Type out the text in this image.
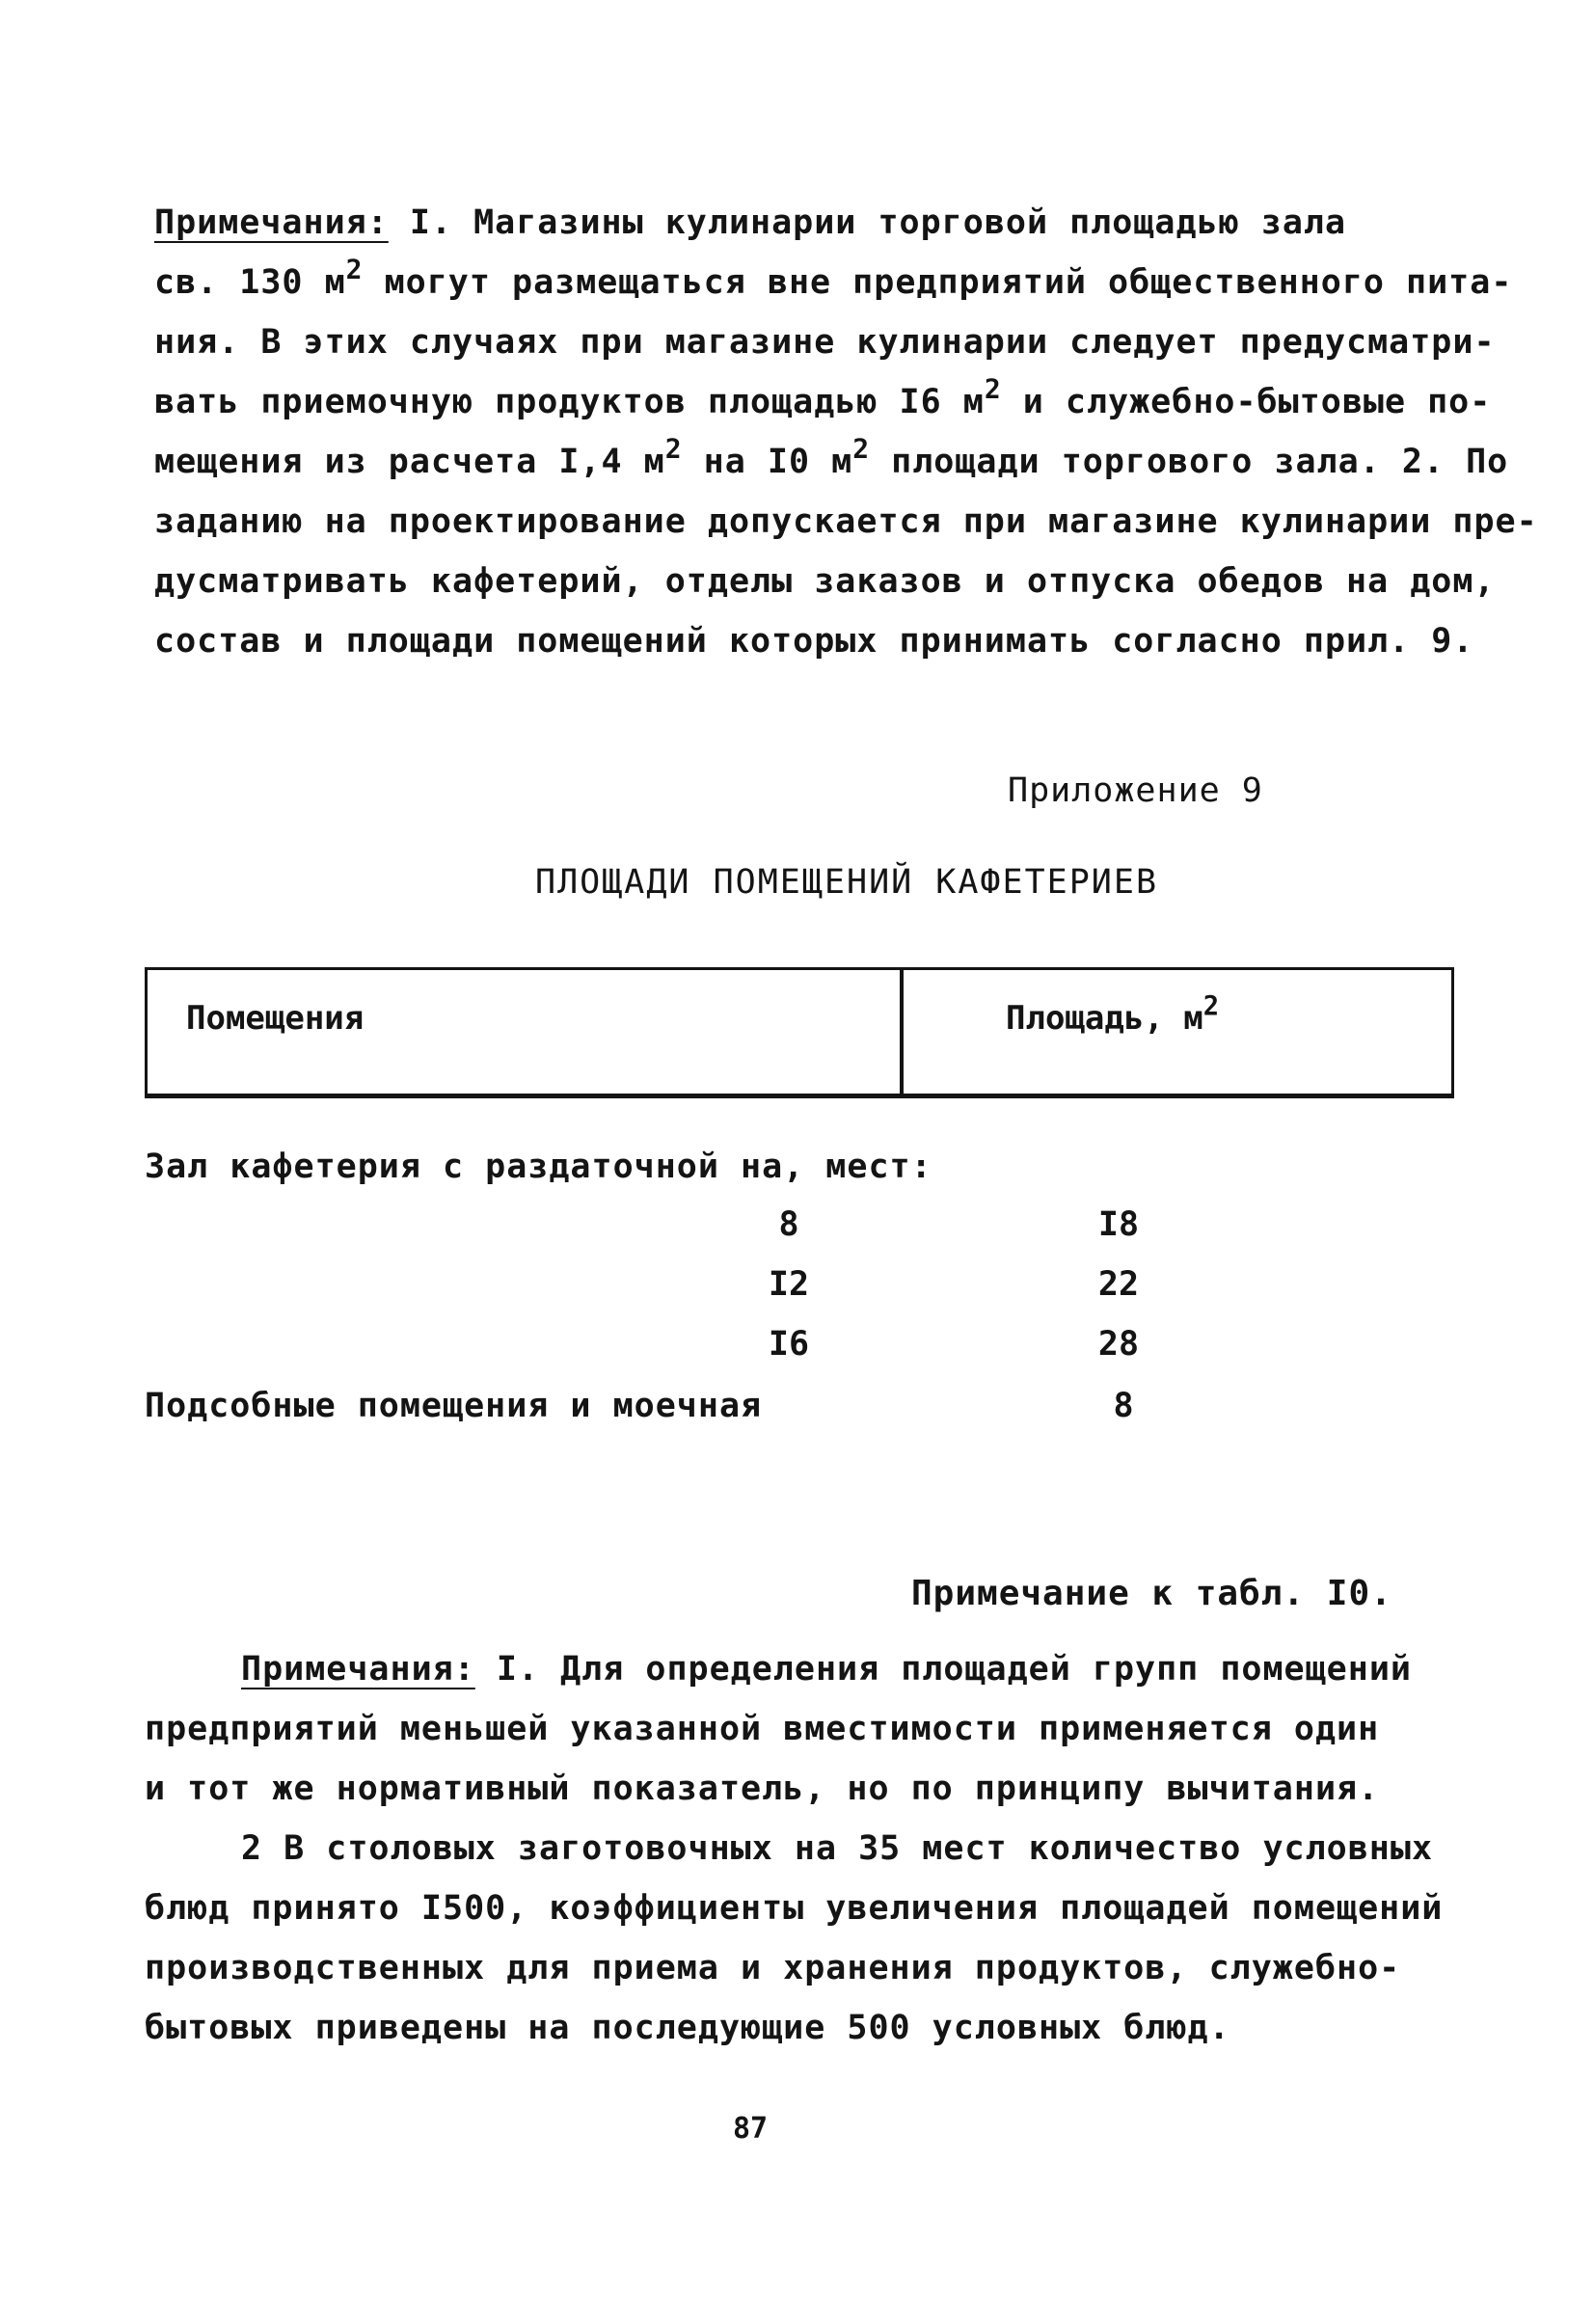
Примечания: I. Магазины кулинарии торговой площадью зала
св. 130 $м^2$ могут размещаться вне предприятий общественного пита-
ния. В этих случаях при магазине кулинарии следует предусматри-
вать приемочную продуктов площадью I6 $м^2$ и служебно-бытовые по-
мещения из расчета I,4 $м^2$ на I0 $м^2$ площади торгового зала. 2. По
заданию на проектирование допускается при магазине кулинарии пре-
дусматривать кафетерий, отделы заказов и отпуска обедов на дом,
состав и площади помещений которых принимать согласно прил. 9.
Приложение 9
ПЛОЩАДИ ПОМЕЩЕНИЙ КАФЕТЕРИЕВ
Помещения	Площадь, $м^2$
Зал кафетерия с раздаточной на, мест:
8	I8
I2	22
I6	28
Подсобные помещения и моечная	8
Примечание к табл. I0.
Примечания: I. Для определения площадей групп помещений
предприятий меньшей указанной вместимости применяется один
и тот же нормативный показатель, но по принципу вычитания.
2 В столовых заготовочных на 35 мест количество условных
блюд принято I500, коэффициенты увеличения площадей помещений
производственных для приема и хранения продуктов, служебно-
бытовых приведены на последующие 500 условных блюд.
87
